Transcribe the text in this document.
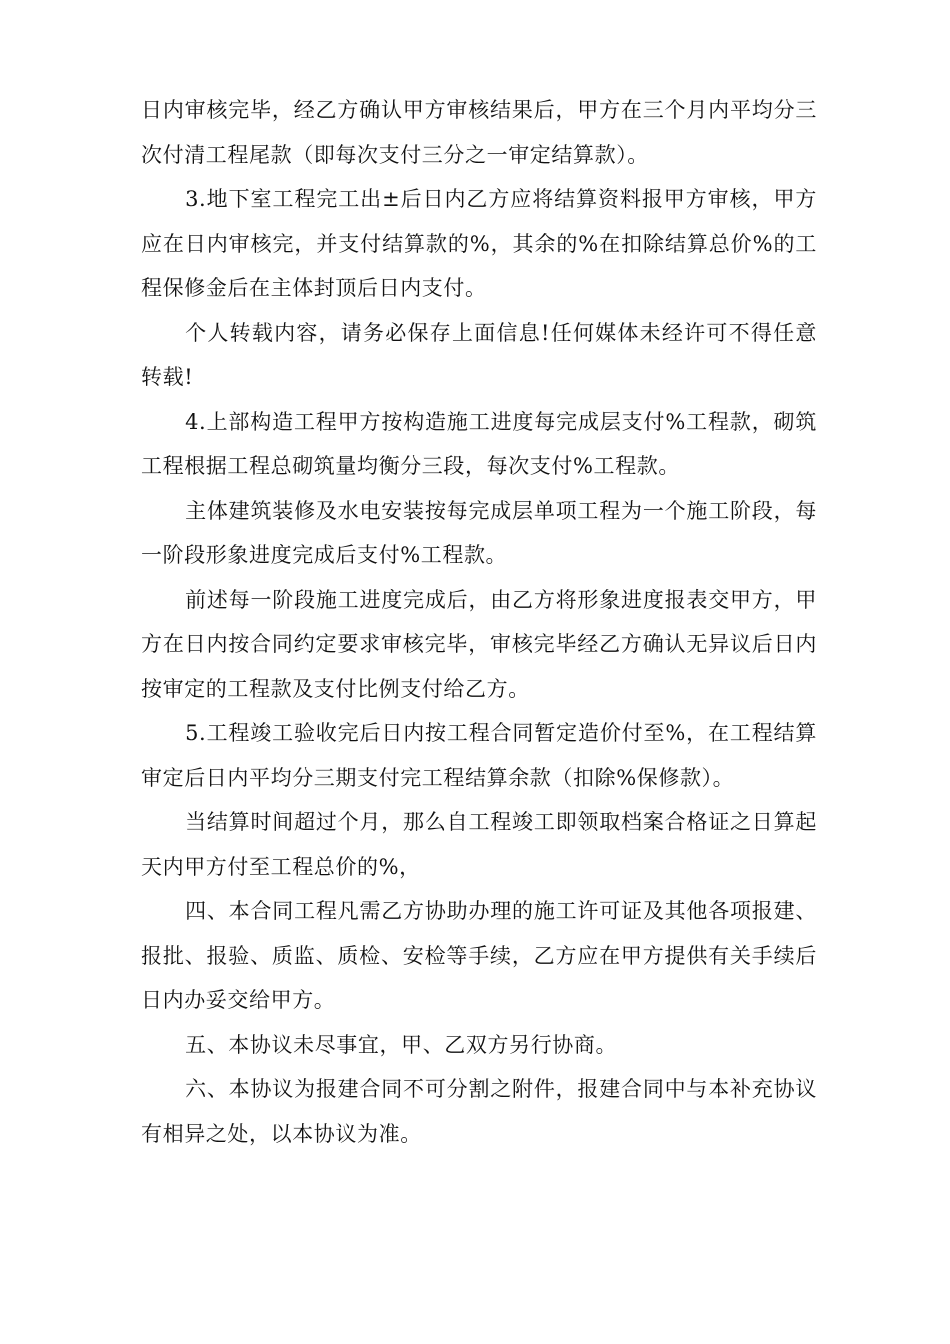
日内审核完毕，经乙方确认甲方审核结果后，甲方在三个月内平均分三次付清工程尾款（即每次支付三分之一审定结算款）。

3.地下室工程完工出±后日内乙方应将结算资料报甲方审核，甲方应在日内审核完，并支付结算款的%，其余的%在扣除结算总价%的工程保修金后在主体封顶后日内支付。

个人转载内容，请务必保存上面信息!任何媒体未经许可不得任意转载!

4.上部构造工程甲方按构造施工进度每完成层支付%工程款，砌筑工程根据工程总砌筑量均衡分三段，每次支付%工程款。

主体建筑装修及水电安装按每完成层单项工程为一个施工阶段，每一阶段形象进度完成后支付%工程款。

前述每一阶段施工进度完成后，由乙方将形象进度报表交甲方，甲方在日内按合同约定要求审核完毕，审核完毕经乙方确认无异议后日内按审定的工程款及支付比例支付给乙方。

5.工程竣工验收完后日内按工程合同暂定造价付至%，在工程结算审定后日内平均分三期支付完工程结算余款（扣除%保修款）。

当结算时间超过个月，那么自工程竣工即领取档案合格证之日算起天内甲方付至工程总价的%，

四、本合同工程凡需乙方协助办理的施工许可证及其他各项报建、报批、报验、质监、质检、安检等手续，乙方应在甲方提供有关手续后日内办妥交给甲方。

五、本协议未尽事宜，甲、乙双方另行协商。

六、本协议为报建合同不可分割之附件，报建合同中与本补充协议有相异之处，以本协议为准。
